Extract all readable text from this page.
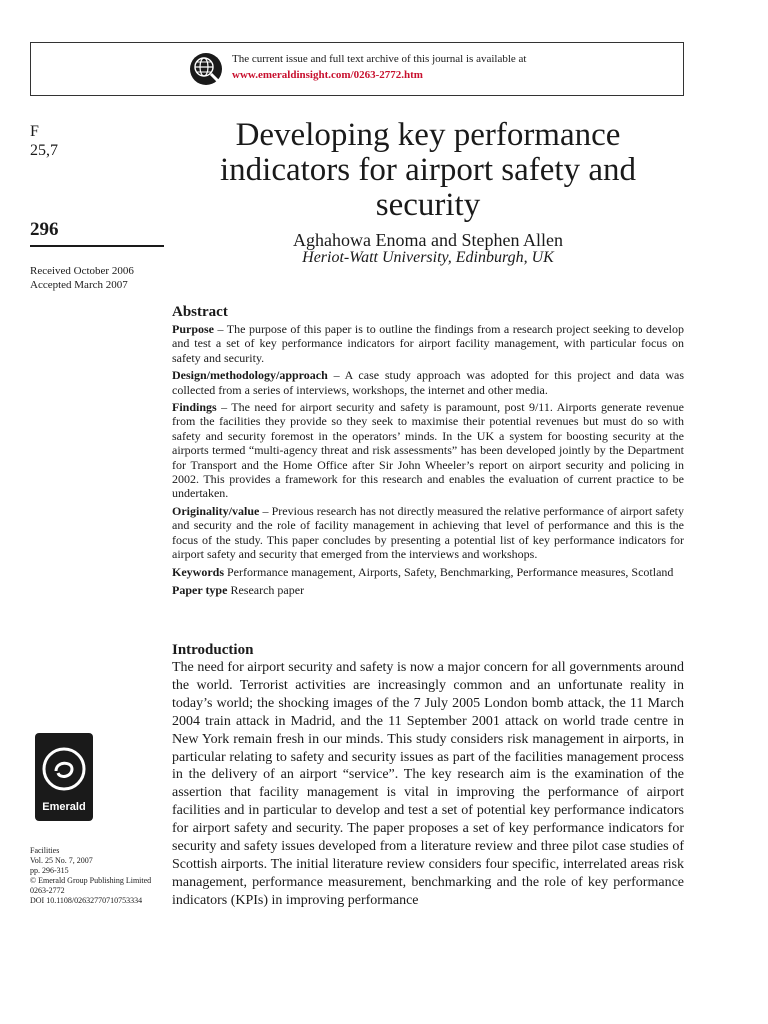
The current issue and full text archive of this journal is available at
www.emeraldinsight.com/0263-2772.htm
F
25,7
296
Received October 2006
Accepted March 2007
Developing key performance indicators for airport safety and security
Aghahowa Enoma and Stephen Allen
Heriot-Watt University, Edinburgh, UK
Abstract

Purpose – The purpose of this paper is to outline the findings from a research project seeking to develop and test a set of key performance indicators for airport facility management, with particular focus on safety and security.

Design/methodology/approach – A case study approach was adopted for this project and data was collected from a series of interviews, workshops, the internet and other media.

Findings – The need for airport security and safety is paramount, post 9/11. Airports generate revenue from the facilities they provide so they seek to maximise their potential revenues but must do so with safety and security foremost in the operators’ minds. In the UK a system for boosting security at the airports termed “multi-agency threat and risk assessments” has been developed jointly by the Department for Transport and the Home Office after Sir John Wheeler’s report on airport security and policing in 2002. This provides a framework for this research and enables the evaluation of current practice to be undertaken.

Originality/value – Previous research has not directly measured the relative performance of airport safety and security and the role of facility management in achieving that level of performance and this is the focus of the study. This paper concludes by presenting a potential list of key performance indicators for airport safety and security that emerged from the interviews and workshops.

Keywords Performance management, Airports, Safety, Benchmarking, Performance measures, Scotland

Paper type Research paper

Introduction

The need for airport security and safety is now a major concern for all governments around the world. Terrorist activities are increasingly common and an unfortunate reality in today’s world; the shocking images of the 7 July 2005 London bomb attack, the 11 March 2004 train attack in Madrid, and the 11 September 2001 attack on world trade centre in New York remain fresh in our minds. This study considers risk management in airports, in particular relating to safety and security issues as part of the facilities management process in the delivery of an airport “service”. The key research aim is the examination of the assertion that facility management is vital in improving the performance of airport facilities and in particular to develop and test a set of potential key performance indicators for airport safety and security. The paper proposes a set of key performance indicators for security and safety issues developed from a literature review and three pilot case studies of Scottish airports. The initial literature review considers four specific, interrelated areas risk management, performance measurement, benchmarking and the role of key performance indicators (KPIs) in improving performance

Emerald
Facilities
Vol. 25 No. 7, 2007
pp. 296-315
© Emerald Group Publishing Limited
0263-2772
DOI 10.1108/02632770710753334
